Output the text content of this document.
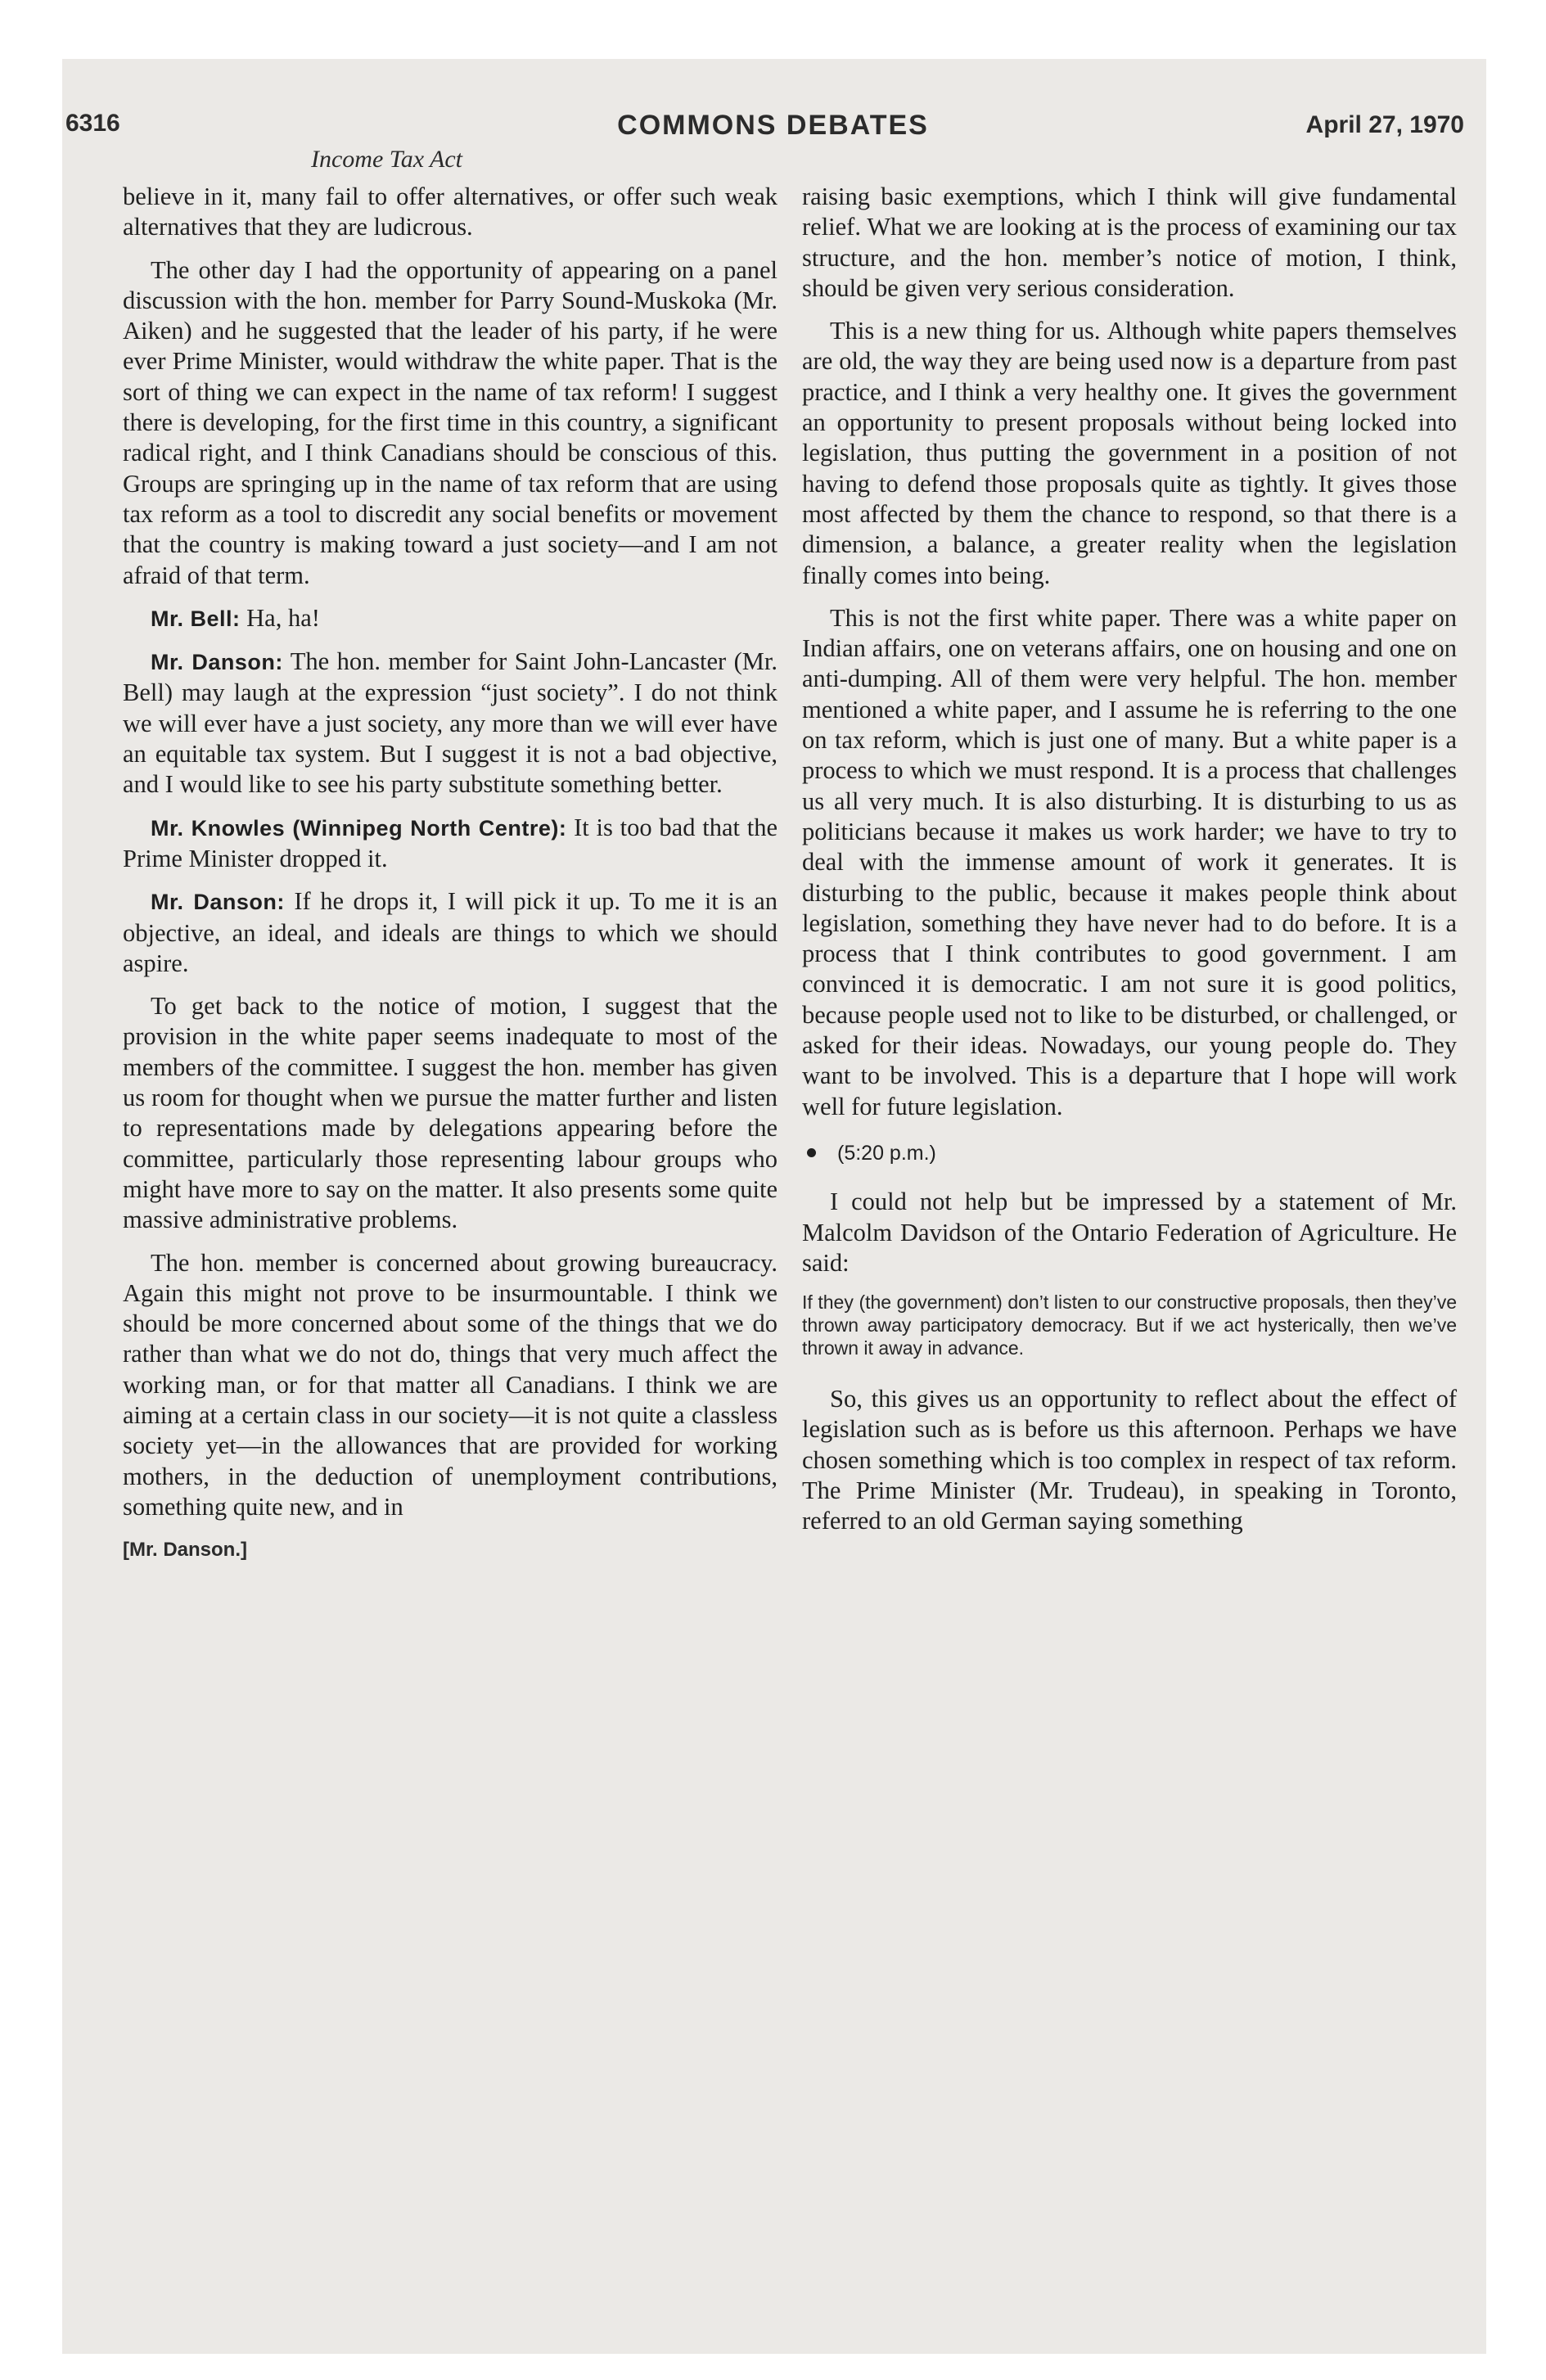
6316	COMMONS DEBATES	April 27, 1970
Income Tax Act

believe in it, many fail to offer alternatives, or offer such weak alternatives that they are ludicrous.

The other day I had the opportunity of appearing on a panel discussion with the hon. member for Parry Sound-Muskoka (Mr. Aiken) and he suggested that the leader of his party, if he were ever Prime Minister, would withdraw the white paper. That is the sort of thing we can expect in the name of tax reform! I suggest there is developing, for the first time in this country, a significant radical right, and I think Canadians should be conscious of this. Groups are springing up in the name of tax reform that are using tax reform as a tool to discredit any social benefits or movement that the country is making toward a just society—and I am not afraid of that term.

Mr. Bell: Ha, ha!

Mr. Danson: The hon. member for Saint John-Lancaster (Mr. Bell) may laugh at the expression “just society”. I do not think we will ever have a just society, any more than we will ever have an equitable tax system. But I suggest it is not a bad objective, and I would like to see his party substitute something better.

Mr. Knowles (Winnipeg North Centre): It is too bad that the Prime Minister dropped it.

Mr. Danson: If he drops it, I will pick it up. To me it is an objective, an ideal, and ideals are things to which we should aspire.

To get back to the notice of motion, I suggest that the provision in the white paper seems inadequate to most of the members of the committee. I suggest the hon. member has given us room for thought when we pursue the matter further and listen to representations made by delegations appearing before the committee, particularly those representing labour groups who might have more to say on the matter. It also presents some quite massive administrative problems.

The hon. member is concerned about growing bureaucracy. Again this might not prove to be insurmountable. I think we should be more concerned about some of the things that we do rather than what we do not do, things that very much affect the working man, or for that matter all Canadians. I think we are aiming at a certain class in our society—it is not quite a classless society yet—in the allowances that are provided for working mothers, in the deduction of unemployment contributions, something quite new, and in

[Mr. Danson.]

raising basic exemptions, which I think will give fundamental relief. What we are looking at is the process of examining our tax structure, and the hon. member’s notice of motion, I think, should be given very serious consideration.

This is a new thing for us. Although white papers themselves are old, the way they are being used now is a departure from past practice, and I think a very healthy one. It gives the government an opportunity to present proposals without being locked into legislation, thus putting the government in a position of not having to defend those proposals quite as tightly. It gives those most affected by them the chance to respond, so that there is a dimension, a balance, a greater reality when the legislation finally comes into being.

This is not the first white paper. There was a white paper on Indian affairs, one on veterans affairs, one on housing and one on anti-dumping. All of them were very helpful. The hon. member mentioned a white paper, and I assume he is referring to the one on tax reform, which is just one of many. But a white paper is a process to which we must respond. It is a process that challenges us all very much. It is also disturbing. It is disturbing to us as politicians because it makes us work harder; we have to try to deal with the immense amount of work it generates. It is disturbing to the public, because it makes people think about legislation, something they have never had to do before. It is a process that I think contributes to good government. I am convinced it is democratic. I am not sure it is good politics, because people used not to like to be disturbed, or challenged, or asked for their ideas. Nowadays, our young people do. They want to be involved. This is a departure that I hope will work well for future legislation.

(5:20 p.m.)

I could not help but be impressed by a statement of Mr. Malcolm Davidson of the Ontario Federation of Agriculture. He said:

If they (the government) don’t listen to our constructive proposals, then they’ve thrown away participatory democracy. But if we act hysterically, then we’ve thrown it away in advance.

So, this gives us an opportunity to reflect about the effect of legislation such as is before us this afternoon. Perhaps we have chosen something which is too complex in respect of tax reform. The Prime Minister (Mr. Trudeau), in speaking in Toronto, referred to an old German saying something
